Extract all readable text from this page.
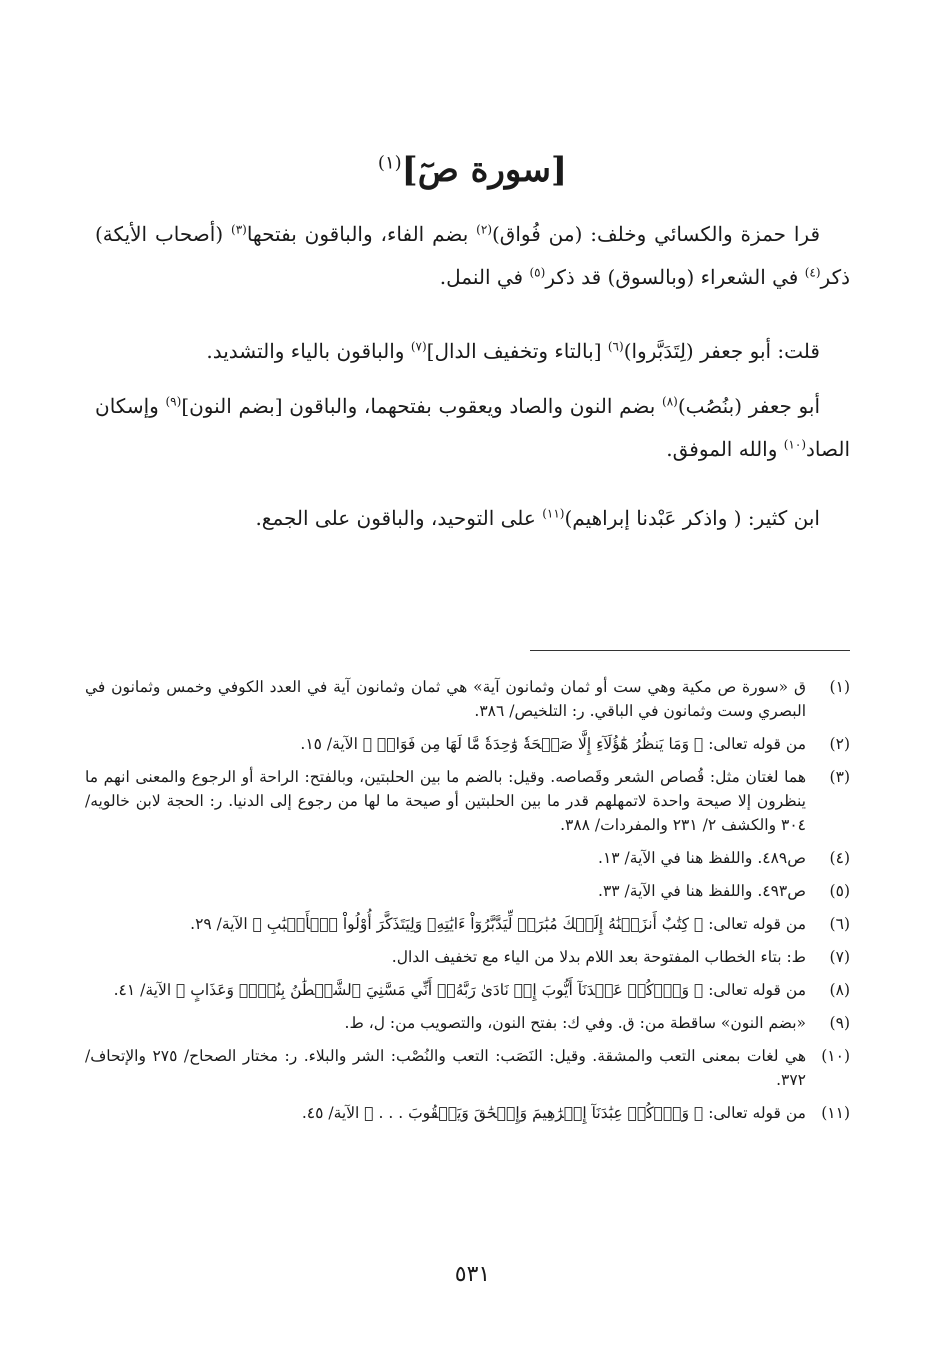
[سورة صٓ]$^{(١)}$

قرا حمزة والكسائي وخلف: (من فُواق)$^{(٢)}$ بضم الفاء، والباقون بفتحها$^{(٣)}$ (أصحاب الأيكة) ذكر$^{(٤)}$ في الشعراء (وبالسوق) قد ذكر$^{(٥)}$ في النمل.

قلت: أبو جعفر (لِتَدَبَّروا)$^{(٦)}$ [بالتاء وتخفيف الدال]$^{(٧)}$ والباقون بالياء والتشديد.

أبو جعفر (بنُصُب)$^{(٨)}$ بضم النون والصاد ويعقوب بفتحهما، والباقون [بضم النون]$^{(٩)}$ وإسكان الصاد$^{(١٠)}$ والله الموفق.

ابن كثير: ( واذكر عَبْدنا إبراهيم)$^{(١١)}$ على التوحيد، والباقون على الجمع.

(١)
ق «سورة ص مكية وهي ست أو ثمان وثمانون آية» هي ثمان وثمانون آية في العدد الكوفي وخمس وثمانون في البصري وست وثمانون في الباقي. ر: التلخيص/ ٣٨٦.
(٢)
من قوله تعالى: ﴿ وَمَا يَنظُرُ هَٰٓؤُلَآءِ إِلَّا صَيۡحَةٗ وَٰحِدَةٗ مَّا لَهَا مِن فَوَاقٖ ﴾ الآية/ ١٥.
(٣)
هما لغتان مثل: قُصاص الشعر وقَصاصه. وقيل: بالضم ما بين الحلبتين، وبالفتح: الراحة أو الرجوع والمعنى انهم ما ينظرون إلا صيحة واحدة لاتمهلهم قدر ما بين الحلبتين أو صيحة ما لها من رجوع إلى الدنيا. ر: الحجة لابن خالويه/ ٣٠٤ والكشف ٢/ ٢٣١ والمفردات/ ٣٨٨.
(٤)
ص٤٨٩. واللفظ هنا في الآية/ ١٣.
(٥)
ص٤٩٣. واللفظ هنا في الآية/ ٣٣.
(٦)
من قوله تعالى: ﴿ كِتَٰبٌ أَنزَلۡنَٰهُ إِلَيۡكَ مُبَٰرَكٞ لِّيَدَّبَّرُوٓاْ ءَايَٰتِهِۦ وَلِيَتَذَكَّرَ أُوْلُواْ ٱلۡأَلۡبَٰبِ ﴾ الآية/ ٢٩.
(٧)
ط: بتاء الخطاب المفتوحة بعد اللام بدلا من الياء مع تخفيف الدال.
(٨)
من قوله تعالى: ﴿ وَٱذۡكُرۡ عَبۡدَنَآ أَيُّوبَ إِذۡ نَادَىٰ رَبَّهُۥٓ أَنِّي مَسَّنِيَ ٱلشَّيۡطَٰنُ بِنُصۡبٖ وَعَذَابٍ ﴾ الآية/ ٤١.
(٩)
«بضم النون» ساقطة من: ق. وفي ك: بفتح النون، والتصويب من: ل، ط.
(١٠)
هي لغات بمعنى التعب والمشقة. وقيل: النَصَب: التعب والنُصْب: الشر والبلاء. ر: مختار الصحاح/ ٢٧٥ والإتحاف/ ٣٧٢.
(١١)
من قوله تعالى: ﴿ وَٱذۡكُرۡ عِبَٰدَنَآ إِبۡرَٰهِيمَ وَإِسۡحَٰقَ وَيَعۡقُوبَ . . . ﴾ الآية/ ٤٥.
٥٣١
